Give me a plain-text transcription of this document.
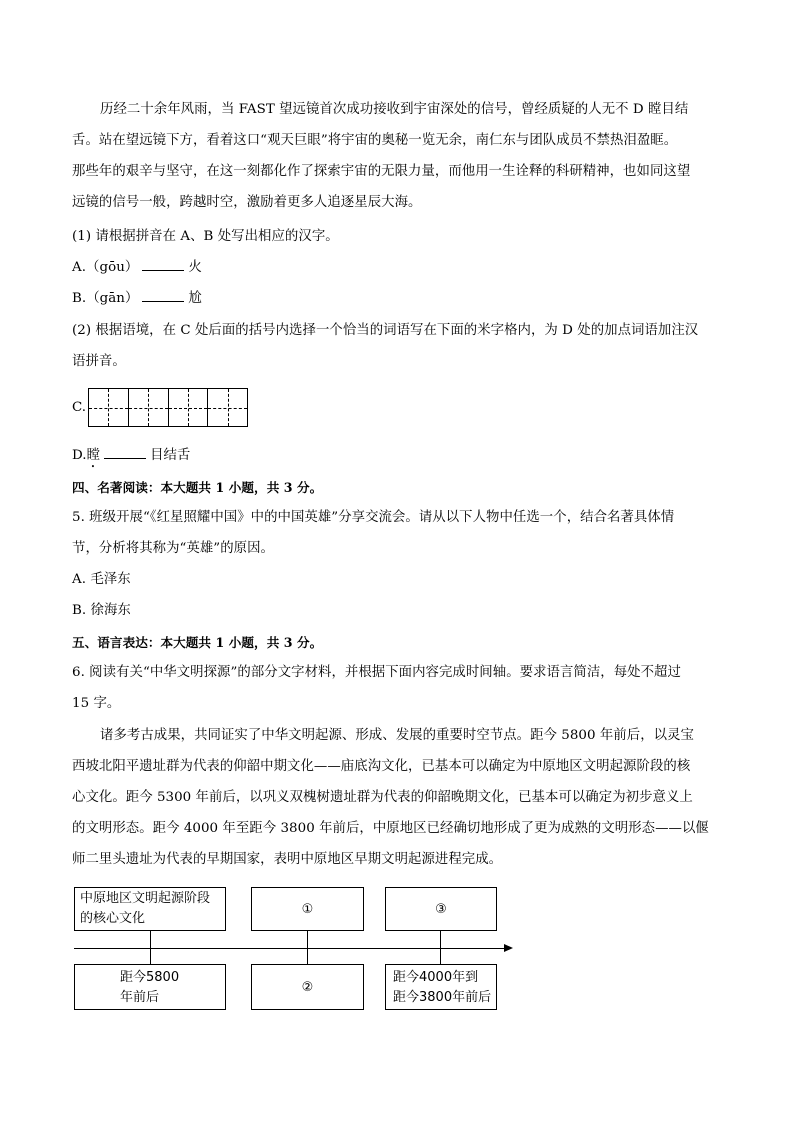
历经二十余年风雨，当 FAST 望远镜首次成功接收到宇宙深处的信号，曾经质疑的人无不 D 瞠目结
舌。站在望远镜下方，看着这口“观天巨眼”将宇宙的奥秘一览无余，南仁东与团队成员不禁热泪盈眶。
那些年的艰辛与坚守，在这一刻都化作了探索宇宙的无限力量，而他用一生诠释的科研精神，也如同这望
远镜的信号一般，跨越时空，激励着更多人追逐星辰大海。
(1) 请根据拼音在 A、B 处写出相应的汉字。
A.（gōu）	火
B.（gān）	尬
(2) 根据语境，在 C 处后面的括号内选择一个恰当的词语写在下面的米字格内，为 D 处的加点词语加注汉
语拼音。
C.
D.瞠	目结舌
四、名著阅读：本大题共 1 小题，共 3 分。
5. 班级开展“《红星照耀中国》中的中国英雄”分享交流会。请从以下人物中任选一个，结合名著具体情
节，分析将其称为“英雄”的原因。
A. 毛泽东
B. 徐海东
五、语言表达：本大题共 1 小题，共 3 分。
6. 阅读有关“中华文明探源”的部分文字材料，并根据下面内容完成时间轴。要求语言简洁，每处不超过
15 字。
诸多考古成果，共同证实了中华文明起源、形成、发展的重要时空节点。距今 5800 年前后，以灵宝
西坡北阳平遗址群为代表的仰韶中期文化——庙底沟文化，已基本可以确定为中原地区文明起源阶段的核
心文化。距今 5300 年前后，以巩义双槐树遗址群为代表的仰韶晚期文化，已基本可以确定为初步意义上
的文明形态。距今 4000 年至距今 3800 年前后，中原地区已经确切地形成了更为成熟的文明形态——以偃
师二里头遗址为代表的早期国家，表明中原地区早期文明起源进程完成。
中原地区文明起源阶段
的核心文化
①	③
距今5800
年前后
②
距今4000年到
距今3800年前后
